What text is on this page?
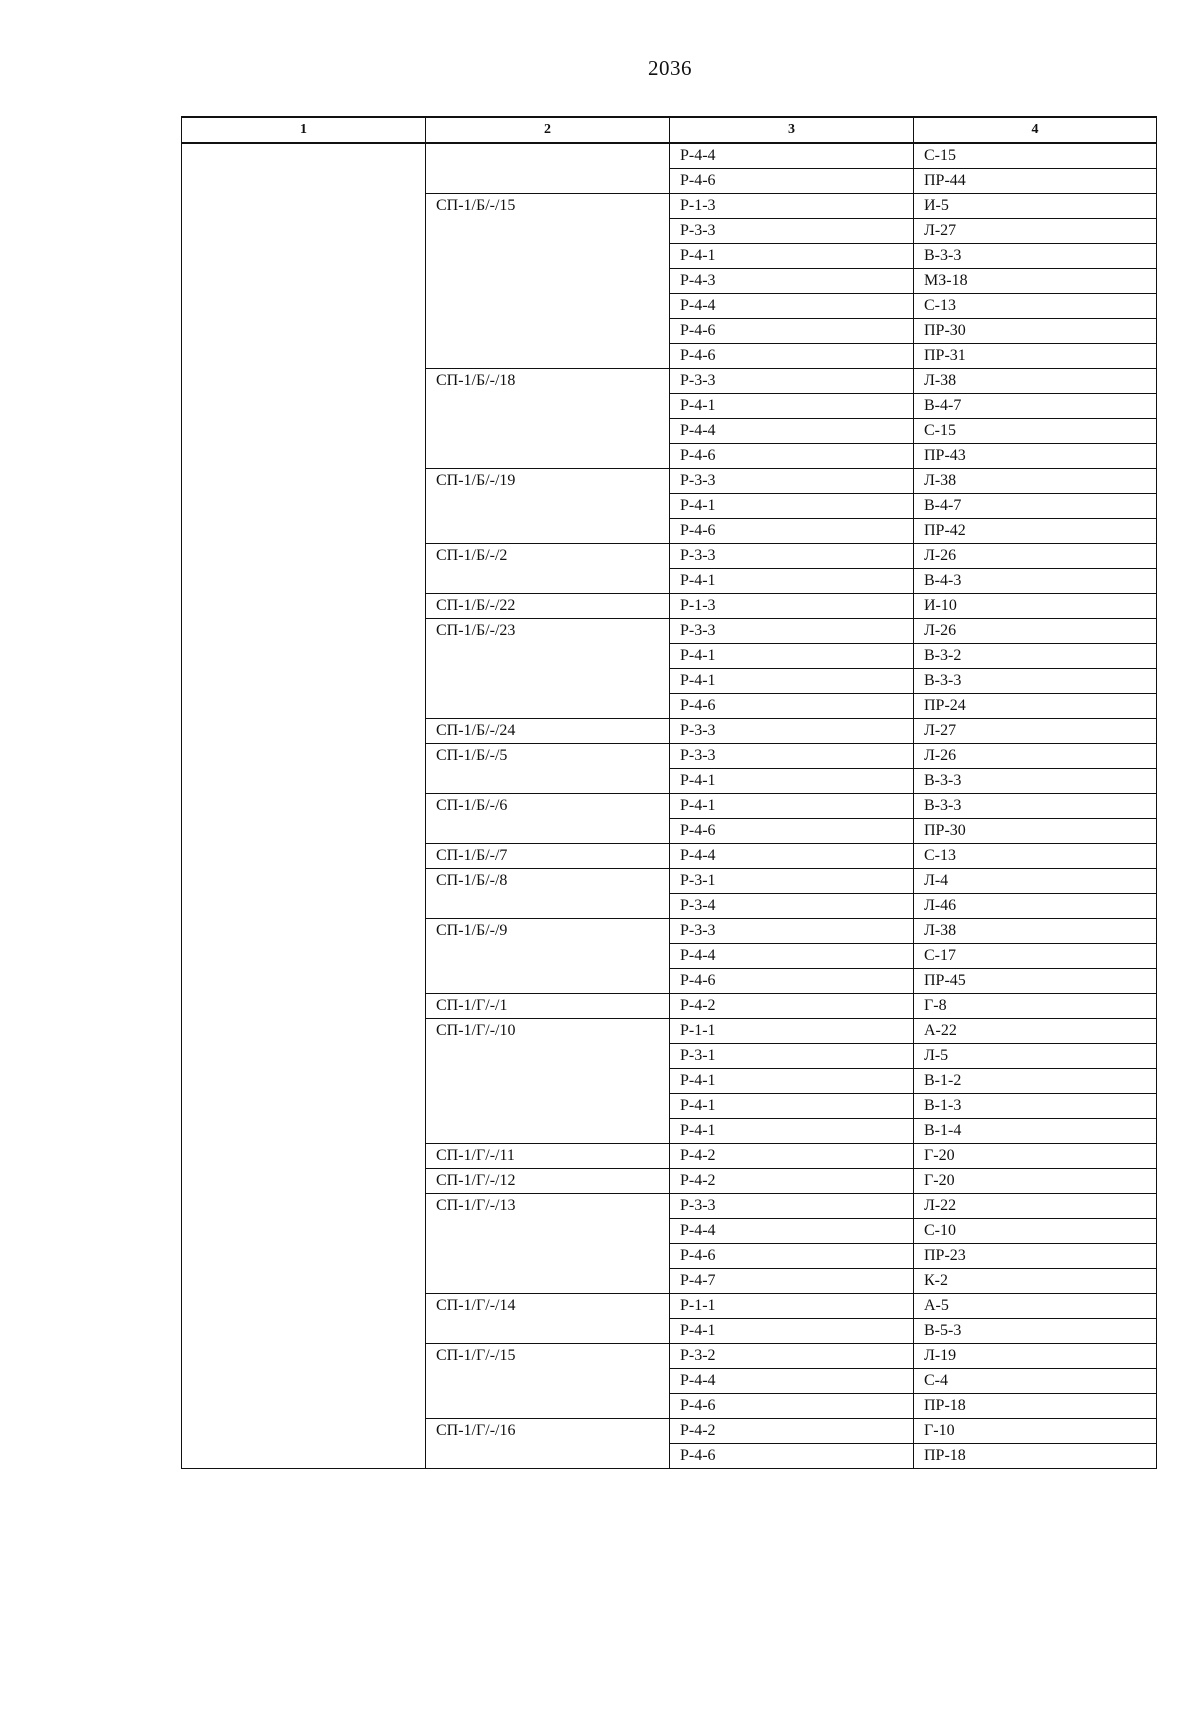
2036
1	2	3	4
		Р-4-4	С-15
		Р-4-6	ПР-44
	СП-1/Б/-/15	Р-1-3	И-5
		Р-3-3	Л-27
		Р-4-1	В-3-3
		Р-4-3	МЗ-18
		Р-4-4	С-13
		Р-4-6	ПР-30
		Р-4-6	ПР-31
	СП-1/Б/-/18	Р-3-3	Л-38
		Р-4-1	В-4-7
		Р-4-4	С-15
		Р-4-6	ПР-43
	СП-1/Б/-/19	Р-3-3	Л-38
		Р-4-1	В-4-7
		Р-4-6	ПР-42
	СП-1/Б/-/2	Р-3-3	Л-26
		Р-4-1	В-4-3
	СП-1/Б/-/22	Р-1-3	И-10
	СП-1/Б/-/23	Р-3-3	Л-26
		Р-4-1	В-3-2
		Р-4-1	В-3-3
		Р-4-6	ПР-24
	СП-1/Б/-/24	Р-3-3	Л-27
	СП-1/Б/-/5	Р-3-3	Л-26
		Р-4-1	В-3-3
	СП-1/Б/-/6	Р-4-1	В-3-3
		Р-4-6	ПР-30
	СП-1/Б/-/7	Р-4-4	С-13
	СП-1/Б/-/8	Р-3-1	Л-4
		Р-3-4	Л-46
	СП-1/Б/-/9	Р-3-3	Л-38
		Р-4-4	С-17
		Р-4-6	ПР-45
	СП-1/Г/-/1	Р-4-2	Г-8
	СП-1/Г/-/10	Р-1-1	А-22
		Р-3-1	Л-5
		Р-4-1	В-1-2
		Р-4-1	В-1-3
		Р-4-1	В-1-4
	СП-1/Г/-/11	Р-4-2	Г-20
	СП-1/Г/-/12	Р-4-2	Г-20
	СП-1/Г/-/13	Р-3-3	Л-22
		Р-4-4	С-10
		Р-4-6	ПР-23
		Р-4-7	К-2
	СП-1/Г/-/14	Р-1-1	А-5
		Р-4-1	В-5-3
	СП-1/Г/-/15	Р-3-2	Л-19
		Р-4-4	С-4
		Р-4-6	ПР-18
	СП-1/Г/-/16	Р-4-2	Г-10
		Р-4-6	ПР-18
